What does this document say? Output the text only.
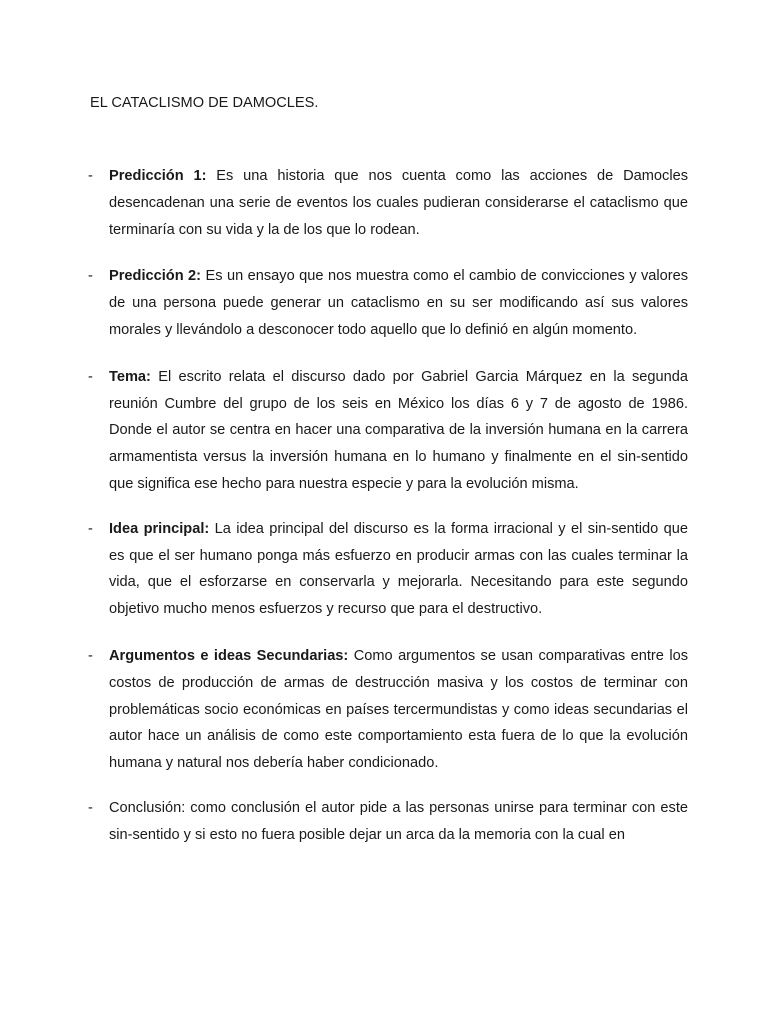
EL CATACLISMO DE DAMOCLES.
- Predicción 1: Es una historia que nos cuenta como las acciones de Damocles desencadenan una serie de eventos los cuales pudieran considerarse el cataclismo que terminaría con su vida y la de los que lo rodean.
- Predicción 2: Es un ensayo que nos muestra como el cambio de convicciones y valores de una persona puede generar un cataclismo en su ser modificando así sus valores morales y llevándolo a desconocer todo aquello que lo definió en algún momento.
- Tema: El escrito relata el discurso dado por Gabriel Garcia Márquez en la segunda reunión Cumbre del grupo de los seis en México los días 6 y 7 de agosto de 1986. Donde el autor se centra en hacer una comparativa de la inversión humana en la carrera armamentista versus la inversión humana en lo humano y finalmente en el sin-sentido que significa ese hecho para nuestra especie y para la evolución misma.
- Idea principal: La idea principal del discurso es la forma irracional y el sin-sentido que es que el ser humano ponga más esfuerzo en producir armas con las cuales terminar la vida, que el esforzarse en conservarla y mejorarla. Necesitando para este segundo objetivo mucho menos esfuerzos y recurso que para el destructivo.
- Argumentos e ideas Secundarias: Como argumentos se usan comparativas entre los costos de producción de armas de destrucción masiva y los costos de terminar con problemáticas socio económicas en países tercermundistas y como ideas secundarias el autor hace un análisis de como este comportamiento esta fuera de lo que la evolución humana y natural nos debería haber condicionado.
- Conclusión: como conclusión el autor pide a las personas unirse para terminar con este sin-sentido y si esto no fuera posible dejar un arca da la memoria con la cual en
